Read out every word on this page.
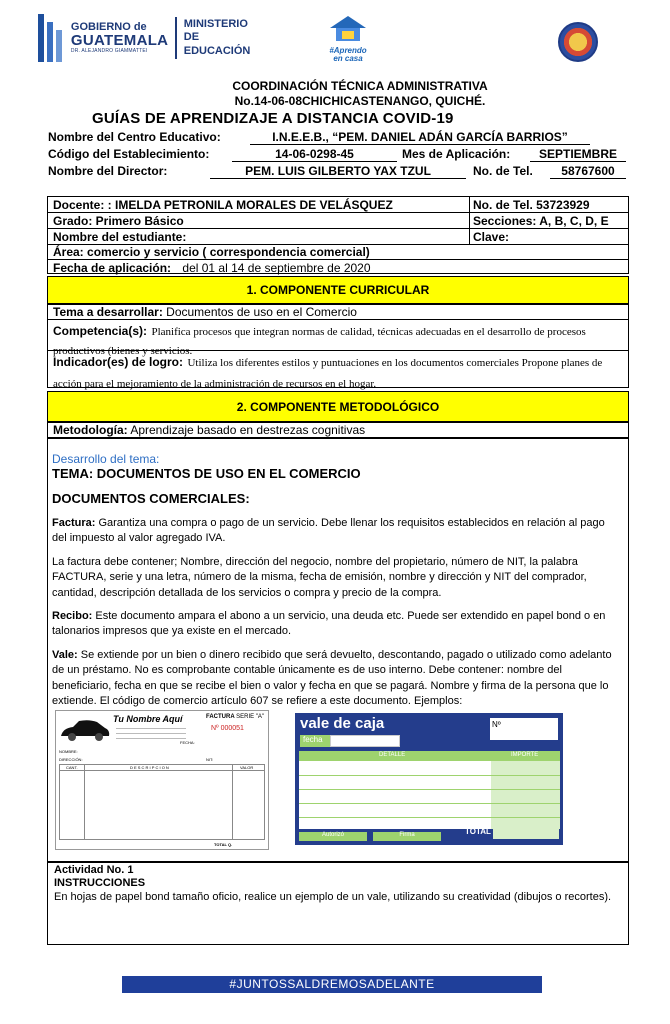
GOBIERNO de
GUATEMALA
DR. ALEJANDRO GIAMMATTEI
MINISTERIO DE
EDUCACIÓN	#Aprendo
en casa
COORDINACIÓN TÉCNICA ADMINISTRATIVA
No.14-06-08CHICHICASTENANGO, QUICHÉ.
GUÍAS DE APRENDIZAJE A DISTANCIA COVID-19
Nombre del Centro Educativo:	I.N.E.E.B., “PEM. DANIEL ADÁN GARCÍA BARRIOS”
Código del Establecimiento:	14-06-0298-45	Mes de Aplicación:	SEPTIEMBRE
Nombre del Director:	PEM. LUIS GILBERTO YAX TZUL	No. de Tel.	58767600
Docente: : IMELDA PETRONILA MORALES DE VELÁSQUEZ	No. de Tel. 53723929
Grado: Primero Básico	Secciones: A, B, C, D, E
Nombre del estudiante:	Clave:
Área: comercio y servicio ( correspondencia comercial)
Fecha de aplicación: del 01 al 14 de septiembre de 2020
1. COMPONENTE CURRICULAR
Tema a desarrollar: Documentos de uso en el Comercio
Competencia(s): Planifica procesos que integran normas de calidad, técnicas adecuadas en el desarrollo de procesos productivos (bienes y servicios.
Indicador(es) de logro: Utiliza los diferentes estilos y puntuaciones en los documentos comerciales Propone planes de acción para el mejoramiento de la administración de recursos en el hogar.
2. COMPONENTE METODOLÓGICO
Metodología: Aprendizaje basado en destrezas cognitivas
Desarrollo del tema:
TEMA: DOCUMENTOS DE USO EN EL COMERCIO
DOCUMENTOS COMERCIALES:
Factura: Garantiza una compra o pago de un servicio. Debe llenar los requisitos establecidos en relación al pago del impuesto al valor agregado IVA.
La factura debe contener; Nombre, dirección del negocio, nombre del propietario, número de NIT, la palabra FACTURA, serie y una letra, número de la misma, fecha de emisión, nombre y dirección y NIT del comprador, cantidad, descripción detallada de los servicios o compra y precio de la compra.
Recibo: Este documento ampara el abono a un servicio, una deuda etc. Puede ser extendido en papel bond o en talonarios impresos que ya existe en el mercado.
Vale: Se extiende por un bien o dinero recibido que será devuelto, descontando, pagado o utilizado como adelanto de un préstamo. No es comprobante contable únicamente es de uso interno. Debe contener: nombre del beneficiario, fecha en que se recibe el bien o valor y fecha en que se pagará. Nombre y firma de la persona que lo extiende. El código de comercio artículo 607 se refiere a este documento. Ejemplos:
Tu Nombre Aquí	FACTURA SERIE "A"
Nº 000051
FECHA:
NOMBRE:
DIRECCIÓN:	NIT:
CANT.	D E S C R I P C I O N	VALOR
TOTAL Q.
vale de caja
fecha
Nº
DETALLE	IMPORTE
TOTAL
Autorizó	Firma
Actividad No. 1
INSTRUCCIONES
En hojas de papel bond tamaño oficio, realice un ejemplo de un vale, utilizando su creatividad (dibujos o recortes).
#JUNTOSSALDREMOSADELANTE
